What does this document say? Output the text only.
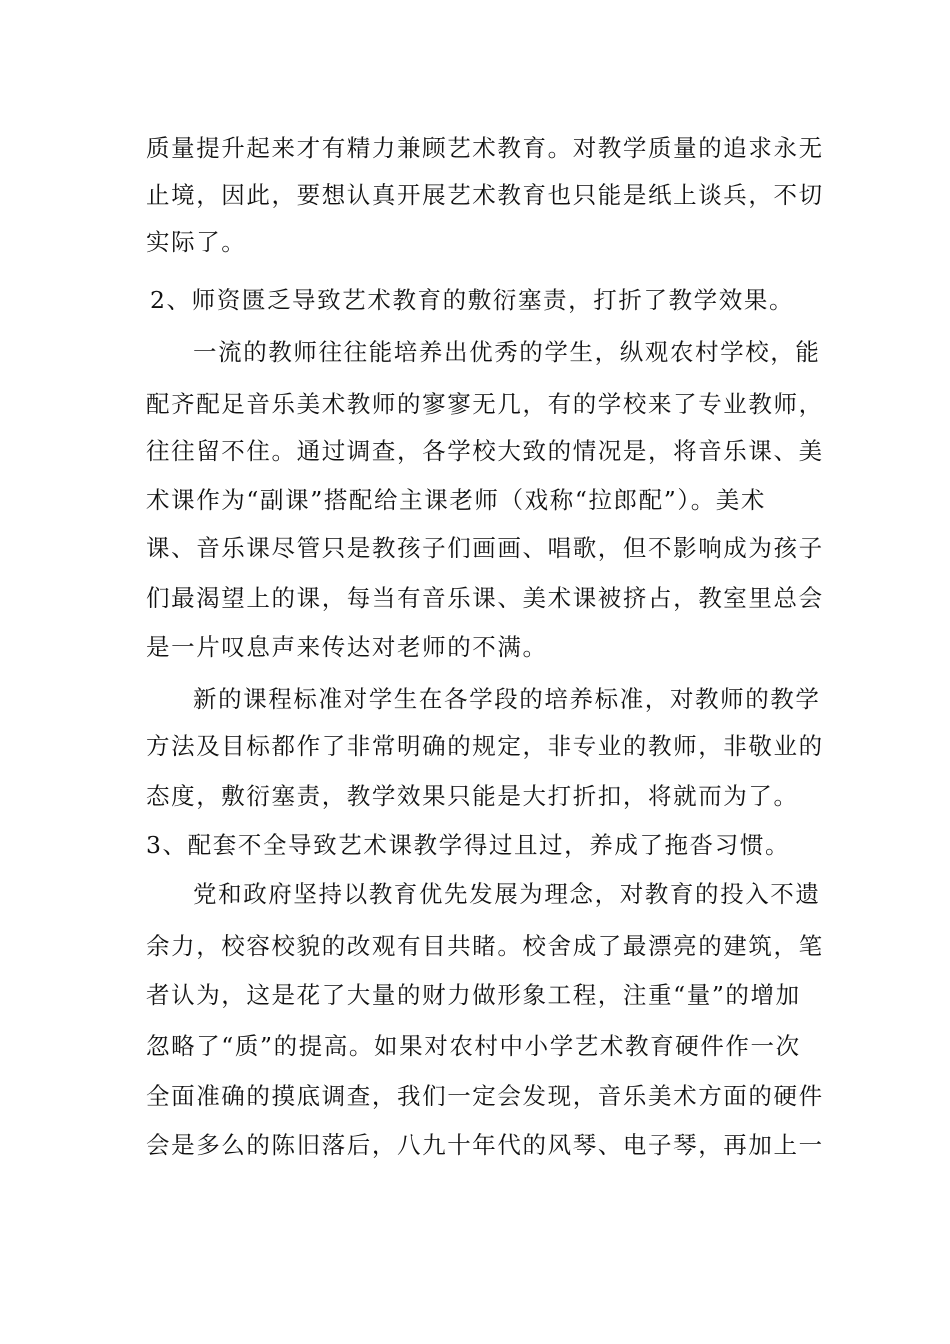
质量提升起来才有精力兼顾艺术教育。对教学质量的追求永无
止境，因此，要想认真开展艺术教育也只能是纸上谈兵，不切
实际了。
2、师资匮乏导致艺术教育的敷衍塞责，打折了教学效果。
一流的教师往往能培养出优秀的学生，纵观农村学校，能
配齐配足音乐美术教师的寥寥无几，有的学校来了专业教师，
往往留不住。通过调查，各学校大致的情况是，将音乐课、美
术课作为“副课”搭配给主课老师（戏称“拉郎配”）。美术
课、音乐课尽管只是教孩子们画画、唱歌，但不影响成为孩子
们最渴望上的课，每当有音乐课、美术课被挤占，教室里总会
是一片叹息声来传达对老师的不满。
新的课程标准对学生在各学段的培养标准，对教师的教学
方法及目标都作了非常明确的规定，非专业的教师，非敬业的
态度，敷衍塞责，教学效果只能是大打折扣，将就而为了。
3、配套不全导致艺术课教学得过且过，养成了拖沓习惯。
党和政府坚持以教育优先发展为理念，对教育的投入不遗
余力，校容校貌的改观有目共睹。校舍成了最漂亮的建筑，笔
者认为，这是花了大量的财力做形象工程，注重“量”的增加
忽略了“质”的提高。如果对农村中小学艺术教育硬件作一次
全面准确的摸底调查，我们一定会发现，音乐美术方面的硬件
会是多么的陈旧落后，八九十年代的风琴、电子琴，再加上一
